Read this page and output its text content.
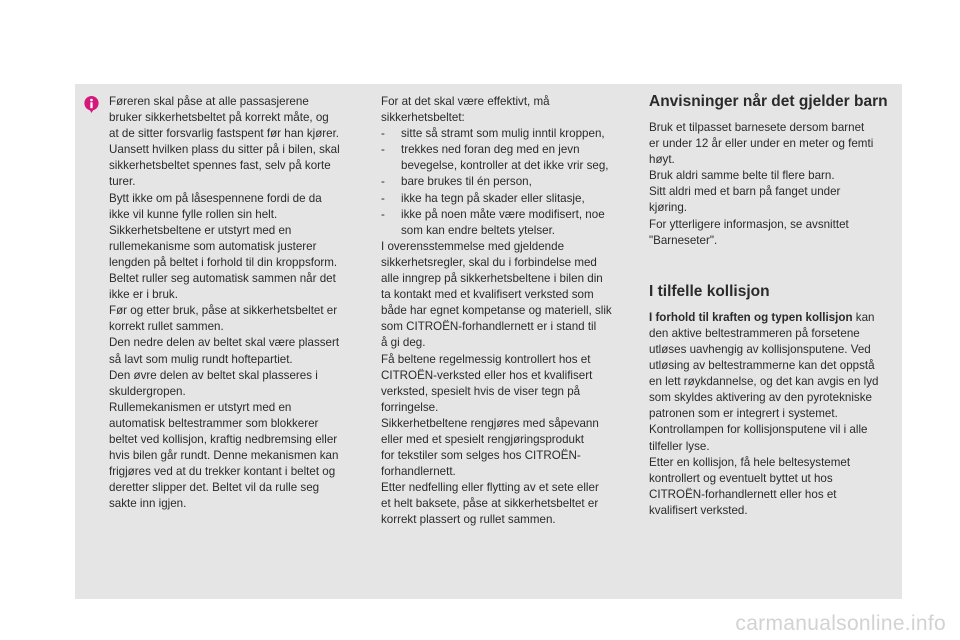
Føreren skal påse at alle passasjerene
bruker sikkerhetsbeltet på korrekt måte, og
at de sitter forsvarlig fastspent før han kjører.
Uansett hvilken plass du sitter på i bilen, skal
sikkerhetsbeltet spennes fast, selv på korte
turer.
Bytt ikke om på låsespennene fordi de da
ikke vil kunne fylle rollen sin helt.
Sikkerhetsbeltene er utstyrt med en
rullemekanisme som automatisk justerer
lengden på beltet i forhold til din kroppsform.
Beltet ruller seg automatisk sammen når det
ikke er i bruk.
Før og etter bruk, påse at sikkerhetsbeltet er
korrekt rullet sammen.
Den nedre delen av beltet skal være plassert
så lavt som mulig rundt hoftepartiet.
Den øvre delen av beltet skal plasseres i
skuldergropen.
Rullemekanismen er utstyrt med en
automatisk beltestrammer som blokkerer
beltet ved kollisjon, kraftig nedbremsing eller
hvis bilen går rundt. Denne mekanismen kan
frigjøres ved at du trekker kontant i beltet og
deretter slipper det. Beltet vil da rulle seg
sakte inn igjen.
For at det skal være effektivt, må
sikkerhetsbeltet:
-	sitte så stramt som mulig inntil kroppen,
-	trekkes ned foran deg med en jevn
bevegelse, kontroller at det ikke vrir seg,
-	bare brukes til én person,
-	ikke ha tegn på skader eller slitasje,
-	ikke på noen måte være modifisert, noe
som kan endre beltets ytelser.
I overensstemmelse med gjeldende
sikkerhetsregler, skal du i forbindelse med
alle inngrep på sikkerhetsbeltene i bilen din
ta kontakt med et kvalifisert verksted som
både har egnet kompetanse og materiell, slik
som CITROËN-forhandlernett er i stand til
å gi deg.
Få beltene regelmessig kontrollert hos et
CITROËN-verksted eller hos et kvalifisert
verksted, spesielt hvis de viser tegn på
forringelse.
Sikkerhetbeltene rengjøres med såpevann
eller med et spesielt rengjøringsprodukt
for tekstiler som selges hos CITROËN-
forhandlernett.
Etter nedfelling eller flytting av et sete eller
et helt baksete, påse at sikkerhetsbeltet er
korrekt plassert og rullet sammen.
Anvisninger når det gjelder barn
Bruk et tilpasset barnesete dersom barnet
er under 12 år eller under en meter og femti
høyt.
Bruk aldri samme belte til flere barn.
Sitt aldri med et barn på fanget under
kjøring.
For ytterligere informasjon, se avsnittet
"Barneseter".
I tilfelle kollisjon
I forhold til kraften og typen kollisjon kan
den aktive beltestrammeren på forsetene
utløses uavhengig av kollisjonsputene. Ved
utløsing av beltestrammerne kan det oppstå
en lett røykdannelse, og det kan avgis en lyd
som skyldes aktivering av den pyrotekniske
patronen som er integrert i systemet.
Kontrollampen for kollisjonsputene vil i alle
tilfeller lyse.
Etter en kollisjon, få hele beltesystemet
kontrollert og eventuelt byttet ut hos
CITROËN-forhandlernett eller hos et
kvalifisert verksted.
carmanualsonline.info
